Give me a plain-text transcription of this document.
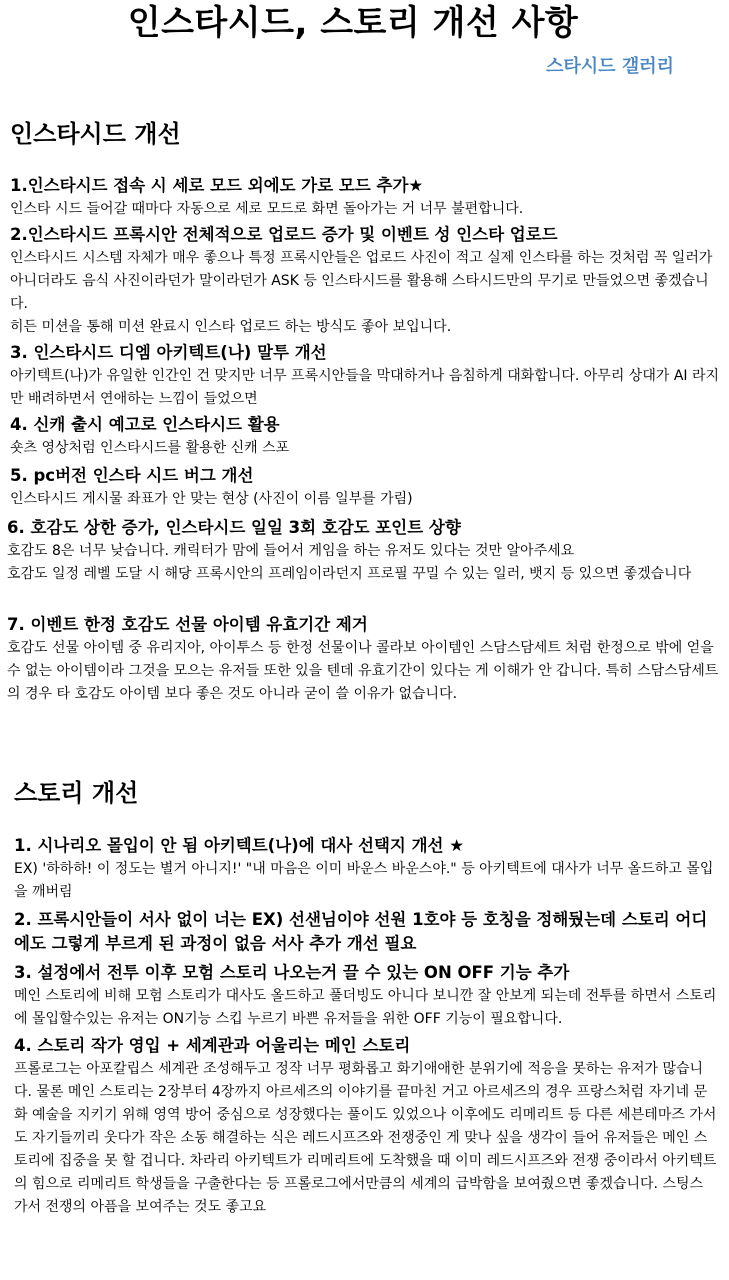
인스타시드, 스토리 개선 사항
스타시드 갤러리
인스타시드 개선
1.인스타시드 접속 시 세로 모드 외에도 가로 모드 추가★
인스타 시드 들어갈 때마다 자동으로 세로 모드로 화면 돌아가는 거 너무 불편합니다.
2.인스타시드 프록시안 전체적으로 업로드 증가 및 이벤트 성 인스타 업로드
인스타시드 시스템 자체가 매우 좋으나 특정 프록시안들은 업로드 사진이 적고 실제 인스타를 하는 것처럼 꼭 일러가 아니더라도 음식 사진이라던가 말이라던가 ASK 등 인스타시드를 활용해 스타시드만의 무기로 만들었으면 좋겠습니다.
히든 미션을 통해 미션 완료시 인스타 업로드 하는 방식도 좋아 보입니다.
3. 인스타시드 디엠 아키텍트(나) 말투 개선
아키텍트(나)가 유일한 인간인 건 맞지만 너무 프록시안들을 막대하거나 음침하게 대화합니다. 아무리 상대가 AI 라지만 배려하면서 연애하는 느낌이 들었으면
4. 신캐 출시 예고로 인스타시드 활용
숏츠 영상처럼 인스타시드를 활용한 신캐 스포
5. pc버전 인스타 시드 버그 개선
인스타시드 게시물 좌표가 안 맞는 현상 (사진이 이름 일부를 가림)
6. 호감도 상한 증가, 인스타시드 일일 3회 호감도 포인트 상향
호감도 8은 너무 낮습니다. 캐릭터가 맘에 들어서 게임을 하는 유저도 있다는 것만 알아주세요
호감도 일정 레벨 도달 시 해당 프록시안의 프레임이라던지 프로필 꾸밀 수 있는 일러, 뱃지 등 있으면 좋겠습니다
7. 이벤트 한정 호감도 선물 아이템 유효기간 제거
호감도 선물 아이템 중 유리지아, 아이투스 등 한정 선물이나 콜라보 아이템인 스담스담세트 처럼 한정으로 밖에 얻을 수 없는 아이템이라 그것을 모으는 유저들 또한 있을 텐데 유효기간이 있다는 게 이해가 안 갑니다. 특히 스담스담세트의 경우 타 호감도 아이템 보다 좋은 것도 아니라 굳이 쓸 이유가 없습니다.
스토리 개선
1. 시나리오 몰입이 안 됨 아키텍트(나)에 대사 선택지 개선 ★
EX) '하하하! 이 정도는 별거 아니지!' "내 마음은 이미 바운스 바운스야." 등 아키텍트에 대사가 너무 올드하고 몰입을 깨버림
2. 프록시안들이 서사 없이 너는 EX) 선샌님이야 선원 1호야 등 호칭을 정해뒀는데 스토리 어디에도 그렇게 부르게 된 과정이 없음 서사 추가 개선 필요
3. 설정에서 전투 이후 모험 스토리 나오는거 끌 수 있는 ON OFF 기능 추가
메인 스토리에 비해 모험 스토리가 대사도 올드하고 풀더빙도 아니다 보니깐 잘 안보게 되는데 전투를 하면서 스토리에 몰입할수있는 유저는 ON기능 스킵 누르기 바쁜 유저들을 위한 OFF 기능이 필요합니다.
4. 스토리 작가 영입 + 세계관과 어울리는 메인 스토리
프롤로그는 아포칼립스 세계관 조성해두고 정작 너무 평화롭고 화기애애한 분위기에 적응을 못하는 유저가 많습니다. 물론 메인 스토리는 2장부터 4장까지 아르세즈의 이야기를 끝마친 거고 아르세즈의 경우 프랑스처럼 자기네 문화 예술을 지키기 위해 영역 방어 중심으로 성장했다는 풀이도 있었으나 이후에도 리메리트 등 다른 세븐테마즈 가서도 자기들끼리 웃다가 작은 소동 해결하는 식은 레드시프즈와 전쟁중인 게 맞나 싶을 생각이 들어 유저들은 메인 스토리에 집중을 못 할 겁니다. 차라리 아키텍트가 리메리트에 도착했을 때 이미 레드시프즈와 전쟁 중이라서 아키텍트의 힘으로 리메리트 학생들을 구출한다는 등 프롤로그에서만큼의 세계의 급박함을 보여줬으면 좋겠습니다. 스팅스 가서 전쟁의 아픔을 보여주는 것도 좋고요
